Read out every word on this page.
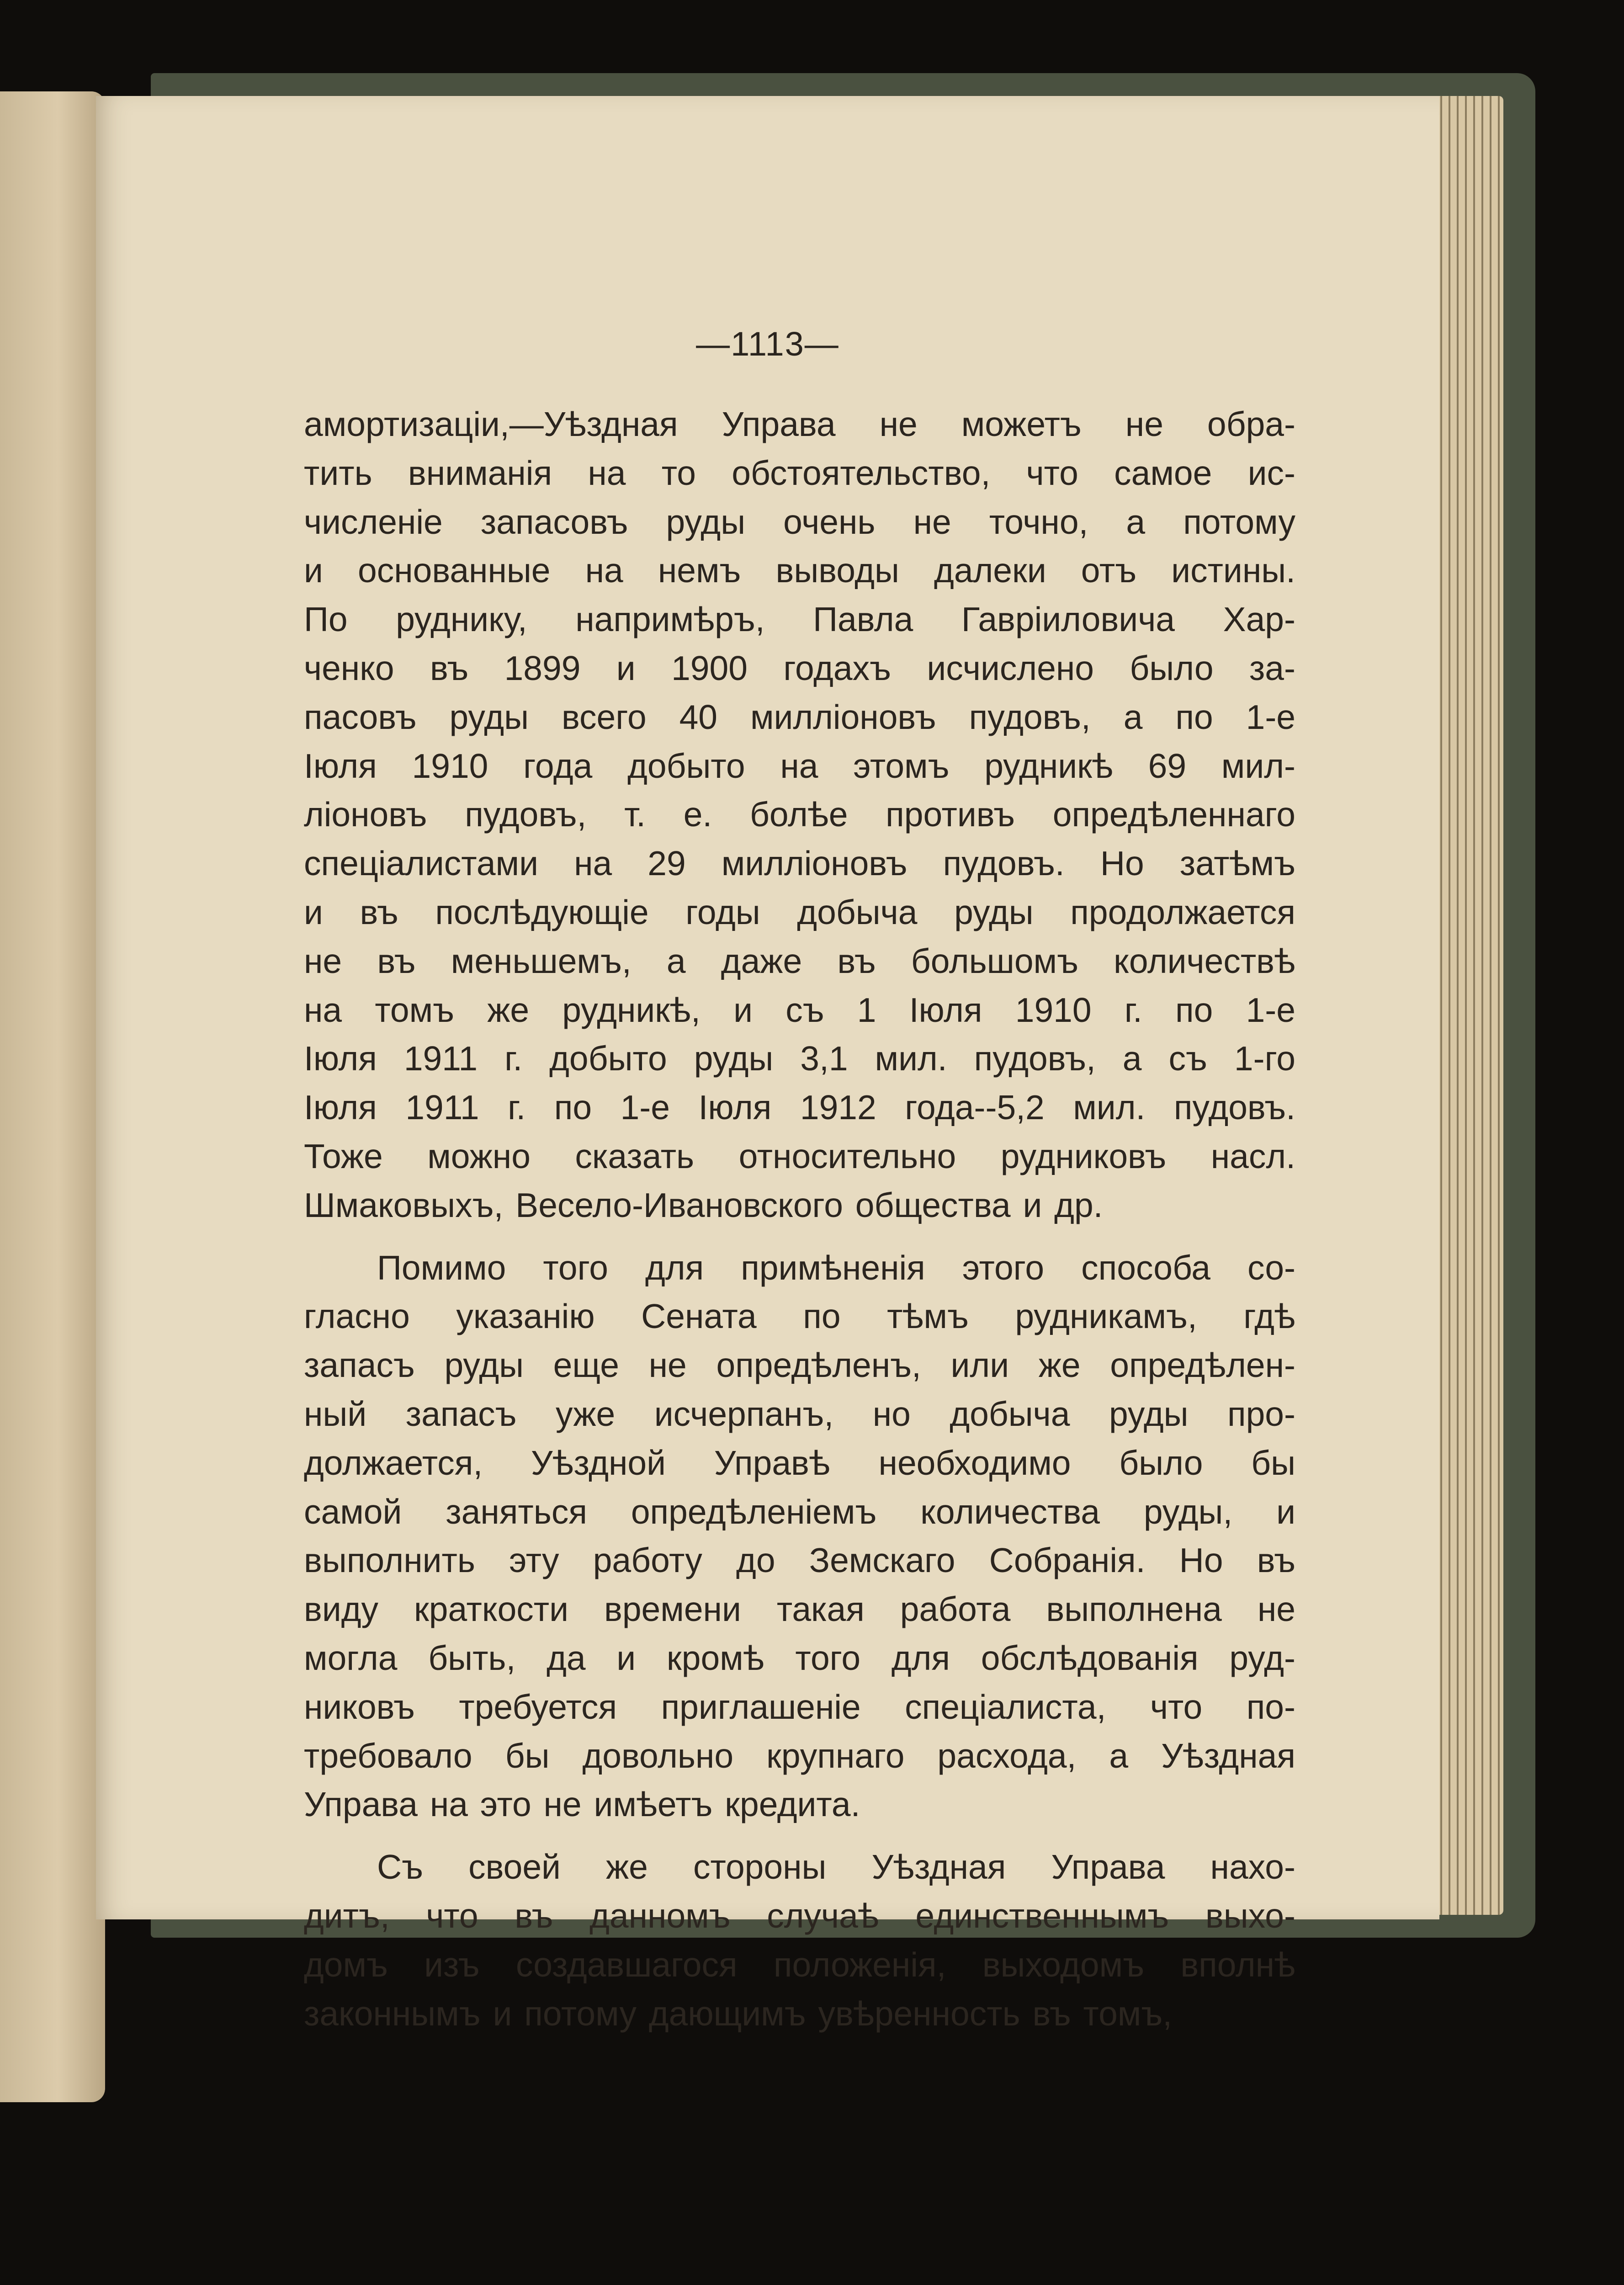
—1113—
амортизаціи,—Уѣздная Управа не можетъ не обра-
тить вниманія на то обстоятельство, что самое ис-
численіе запасовъ руды очень не точно, а потому
и основанные на немъ выводы далеки отъ истины.
По руднику, напримѣръ, Павла Гавріиловича Хар-
ченко въ 1899 и 1900 годахъ исчислено было за-
пасовъ руды всего 40 милліоновъ пудовъ, а по 1-е
Іюля 1910 года добыто на этомъ рудникѣ 69 мил-
ліоновъ пудовъ, т. е. болѣе противъ опредѣленнаго
спеціалистами на 29 милліоновъ пудовъ. Но затѣмъ
и въ послѣдующіе годы добыча руды продолжается
не въ меньшемъ, а даже въ большомъ количествѣ
на томъ же рудникѣ, и съ 1 Іюля 1910 г. по 1-е
Іюля 1911 г. добыто руды 3,1 мил. пудовъ, а съ 1-го
Іюля 1911 г. по 1-е Іюля 1912 года--5,2 мил. пудовъ.
Тоже можно сказать относительно рудниковъ насл.
Шмаковыхъ, Весело-Ивановского общества и др.
Помимо того для примѣненія этого способа со-
гласно указанію Сената по тѣмъ рудникамъ, гдѣ
запасъ руды еще не опредѣленъ, или же опредѣлен-
ный запасъ уже исчерпанъ, но добыча руды про-
должается, Уѣздной Управѣ необходимо было бы
самой заняться опредѣленіемъ количества руды, и
выполнить эту работу до Земскаго Собранія. Но въ
виду краткости времени такая работа выполнена не
могла быть, да и кромѣ того для обслѣдованія руд-
никовъ требуется приглашеніе спеціалиста, что по-
требовало бы довольно крупнаго расхода, а Уѣздная
Управа на это не имѣетъ кредита.
Съ своей же стороны Уѣздная Управа нахо-
дитъ, что въ данномъ случаѣ единственнымъ выхо-
домъ изъ создавшагося положенія, выходомъ вполнѣ
законнымъ и потому дающимъ увѣренность въ томъ,
